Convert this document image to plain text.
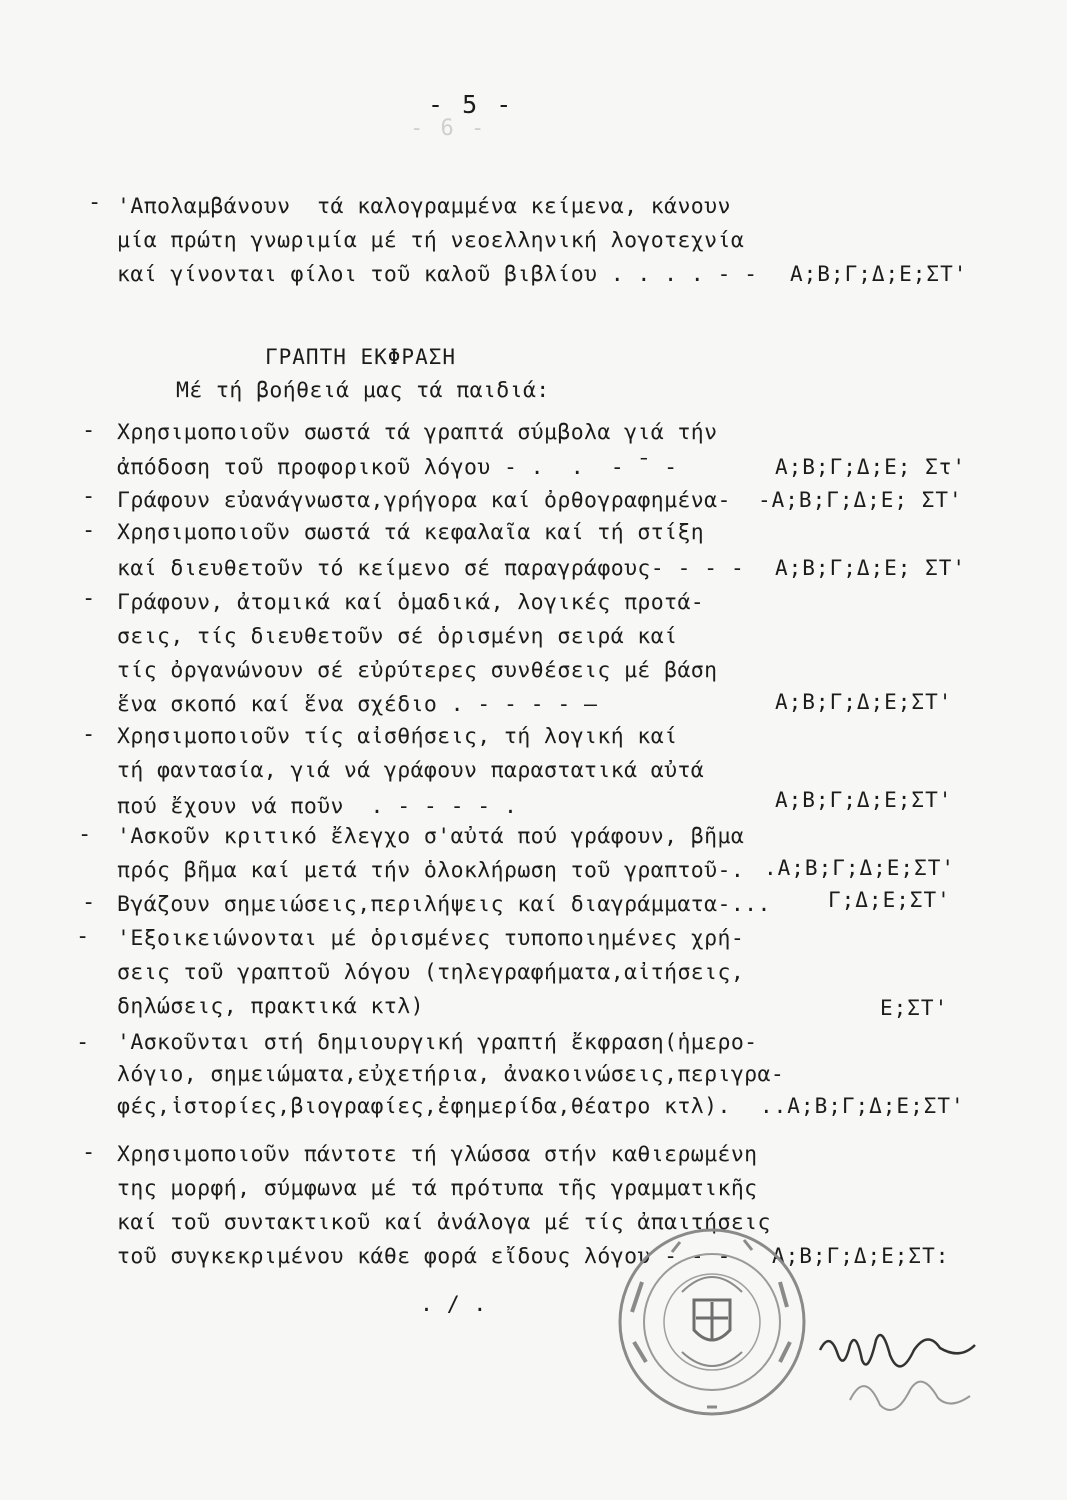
- 6 -
- 5 -
- 'Απολαμβάνουν  τά καλογραμμένα κείμενα, κάνουν
μία πρώτη γνωριμία μέ τή νεοελληνική λογοτεχνία
καί γίνονται φίλοι τοῦ καλοῦ βιβλίου . . . . - - Α;Β;Γ;Δ;Ε;ΣΤ'
ΓΡΑΠΤΗ ΕΚΦΡΑΣΗ
Μέ τή βοήθειά μας τά παιδιά:
- Χρησιμοποιοῦν σωστά τά γραπτά σύμβολα γιά τήν
ἀπόδοση τοῦ προφορικοῦ λόγου - .  .  - ˉ -	Α;Β;Γ;Δ;Ε; Στ'
- Γράφουν εὐανάγνωστα,γρήγορα καί ὀρθογραφημένα- -Α;Β;Γ;Δ;Ε; ΣΤ'
- Χρησιμοποιοῦν σωστά τά κεφαλαῖα καί τή στίξη
καί διευθετοῦν τό κείμενο σέ παραγράφους- - - - Α;Β;Γ;Δ;Ε; ΣΤ'
- Γράφουν, ἀτομικά καί ὁμαδικά, λογικές προτά-
σεις, τίς διευθετοῦν σέ ὁρισμένη σειρά καί
τίς ὀργανώνουν σέ εὐρύτερες συνθέσεις μέ βάση
ἕνα σκοπό καί ἕνα σχέδιο . - - - - —	Α;Β;Γ;Δ;Ε;ΣΤ'
- Χρησιμοποιοῦν τίς αἰσθήσεις, τή λογική καί
τή φαντασία, γιά νά γράφουν παραστατικά αὐτά
πού ἔχουν νά ποῦν  . - - - - .	Α;Β;Γ;Δ;Ε;ΣΤ'
- 'Ασκοῦν κριτικό ἔλεγχο σ'αὐτά πού γράφουν, βῆμα
πρός βῆμα καί μετά τήν ὁλοκλήρωση τοῦ γραπτοῦ-. .Α;Β;Γ;Δ;Ε;ΣΤ'
- Βγάζουν σημειώσεις,περιλήψεις καί διαγράμματα-...	Γ;Δ;Ε;ΣΤ'
- 'Εξοικειώνονται μέ ὁρισμένες τυποποιημένες χρή-
σεις τοῦ γραπτοῦ λόγου (τηλεγραφήματα,αἰτήσεις,
δηλώσεις, πρακτικά κτλ)	Ε;ΣΤ'
- 'Ασκοῦνται στή δημιουργική γραπτή ἔκφραση(ἡμερο-
λόγιο, σημειώματα,εὐχετήρια, ἀνακοινώσεις,περιγρα-
φές,ἱστορίες,βιογραφίες,ἐφημερίδα,θέατρο κτλ). ..Α;Β;Γ;Δ;Ε;ΣΤ'
- Χρησιμοποιοῦν πάντοτε τή γλώσσα στήν καθιερωμένη
της μορφή, σύμφωνα μέ τά πρότυπα τῆς γραμματικῆς
καί τοῦ συντακτικοῦ καί ἀνάλογα μέ τίς ἀπαιτήσεις
τοῦ συγκεκριμένου κάθε φορά εἴδους λόγου - - - Α;Β;Γ;Δ;Ε;ΣΤ:
. / .
